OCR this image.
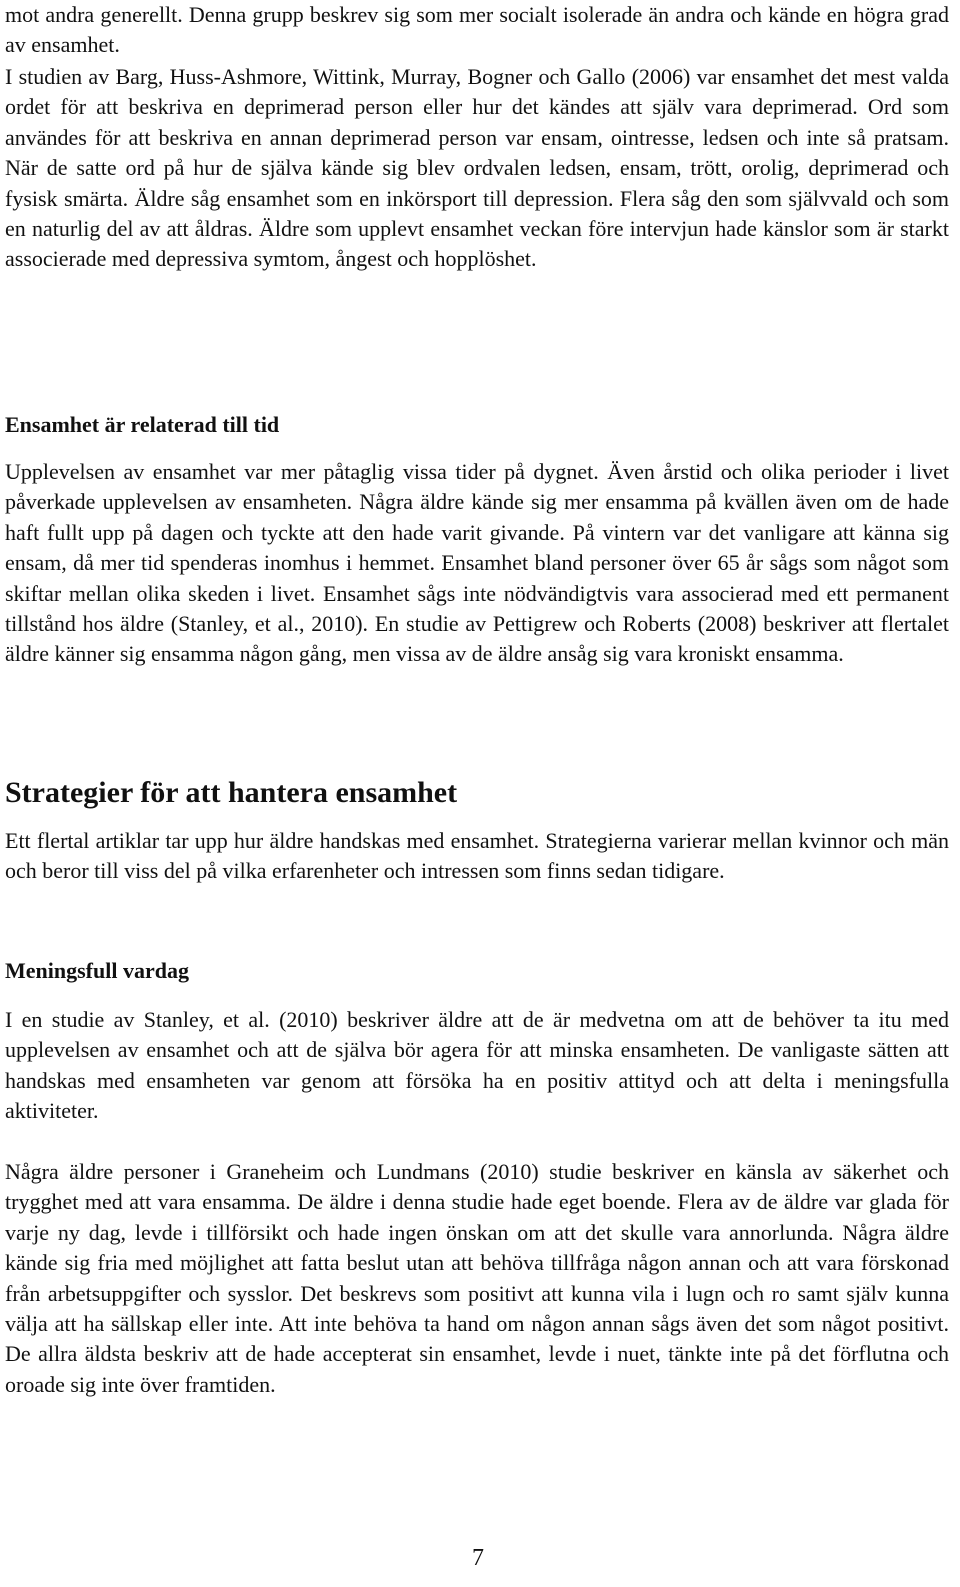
mot andra generellt. Denna grupp beskrev sig som mer socialt isolerade än andra och kände en högra grad av ensamhet.

I studien av Barg, Huss-Ashmore, Wittink, Murray, Bogner och Gallo (2006) var ensamhet det mest valda ordet för att beskriva en deprimerad person eller hur det kändes att själv vara deprimerad. Ord som användes för att beskriva en annan deprimerad person var ensam, ointresse, ledsen och inte så pratsam. När de satte ord på hur de själva kände sig blev ordvalen ledsen, ensam, trött, orolig, deprimerad och fysisk smärta. Äldre såg ensamhet som en inkörsport till depression. Flera såg den som självvald och som en naturlig del av att åldras. Äldre som upplevt ensamhet veckan före intervjun hade känslor som är starkt associerade med depressiva symtom, ångest och hopplöshet.

Ensamhet är relaterad till tid

Upplevelsen av ensamhet var mer påtaglig vissa tider på dygnet. Även årstid och olika perioder i livet påverkade upplevelsen av ensamheten. Några äldre kände sig mer ensamma på kvällen även om de hade haft fullt upp på dagen och tyckte att den hade varit givande. På vintern var det vanligare att känna sig ensam, då mer tid spenderas inomhus i hemmet. Ensamhet bland personer över 65 år sågs som något som skiftar mellan olika skeden i livet. Ensamhet sågs inte nödvändigtvis vara associerad med ett permanent tillstånd hos äldre (Stanley, et al., 2010). En studie av Pettigrew och Roberts (2008) beskriver att flertalet äldre känner sig ensamma någon gång, men vissa av de äldre ansåg sig vara kroniskt ensamma.

Strategier för att hantera ensamhet

Ett flertal artiklar tar upp hur äldre handskas med ensamhet. Strategierna varierar mellan kvinnor och män och beror till viss del på vilka erfarenheter och intressen som finns sedan tidigare.

Meningsfull vardag

I en studie av Stanley, et al. (2010) beskriver äldre att de är medvetna om att de behöver ta itu med upplevelsen av ensamhet och att de själva bör agera för att minska ensamheten. De vanligaste sätten att handskas med ensamheten var genom att försöka ha en positiv attityd och att delta i meningsfulla aktiviteter.

Några äldre personer i Graneheim och Lundmans (2010) studie beskriver en känsla av säkerhet och trygghet med att vara ensamma. De äldre i denna studie hade eget boende. Flera av de äldre var glada för varje ny dag, levde i tillförsikt och hade ingen önskan om att det skulle vara annorlunda. Några äldre kände sig fria med möjlighet att fatta beslut utan att behöva tillfråga någon annan och att vara förskonad från arbetsuppgifter och sysslor. Det beskrevs som positivt att kunna vila i lugn och ro samt själv kunna välja att ha sällskap eller inte. Att inte behöva ta hand om någon annan sågs även det som något positivt. De allra äldsta beskriv att de hade accepterat sin ensamhet, levde i nuet, tänkte inte på det förflutna och oroade sig inte över framtiden.

7
